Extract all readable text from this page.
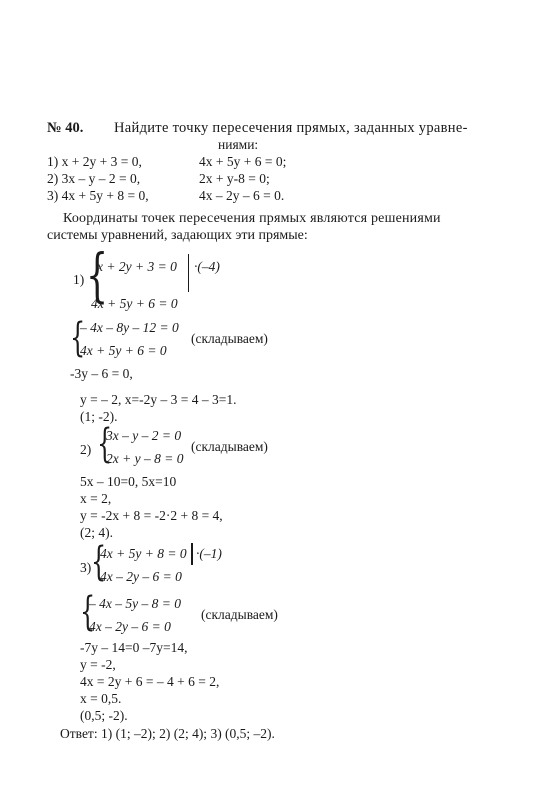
№ 40. Найдите точку пересечения прямых, заданных уравне-
ниями:
1) x + 2y + 3 = 0,	4x + 5y + 6 = 0;
2) 3x – y – 2 = 0,	2x + y-8 = 0;
3) 4x + 5y + 8 = 0,	4x – 2y – 6 = 0.
Координаты точек пересечения прямых являются решениями
системы уравнений, задающих эти прямые:
1) {
x + 2y + 3 = 0 ·(–4)
4x + 5y + 6 = 0
{
– 4x – 8y – 12 = 0
4x + 5y + 6 = 0
(складываем)
-3y – 6 = 0,
y = – 2, x=-2y – 3 = 4 – 3=1.
(1; -2).
2) {
3x – y – 2 = 0
2x + y – 8 = 0
(складываем)
5x – 10=0, 5x=10
x = 2,
y = -2x + 8 = -2·2 + 8 = 4,
(2; 4).
3) {
4x + 5y + 8 = 0 ·(–1)
4x – 2y – 6 = 0
{
– 4x – 5y – 8 = 0
4x – 2y – 6 = 0
(складываем)
-7y – 14=0 –7y=14,
y = -2,
4x = 2y + 6 = – 4 + 6 = 2,
x = 0,5.
(0,5; -2).
Ответ: 1) (1; –2); 2) (2; 4); 3) (0,5; –2).
